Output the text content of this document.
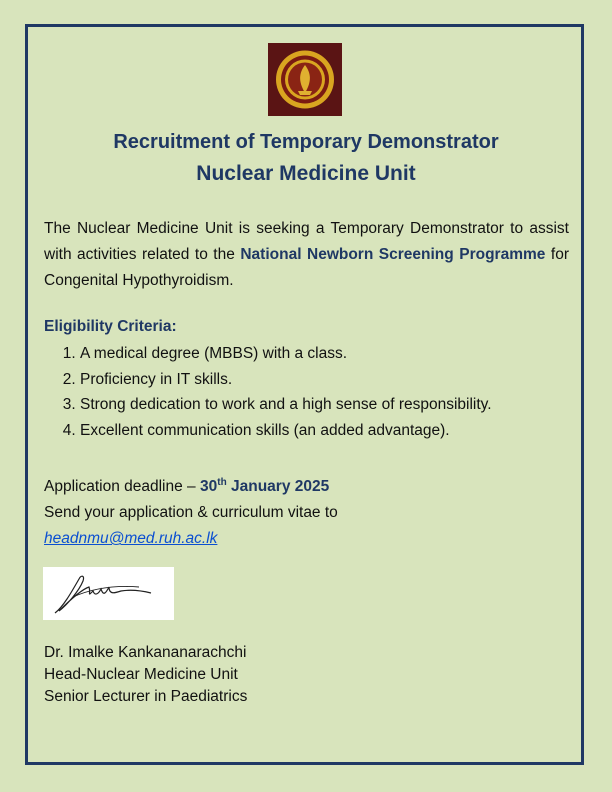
Recruitment of Temporary Demonstrator
Nuclear Medicine Unit

The Nuclear Medicine Unit is seeking a Temporary Demonstrator to assist with activities related to the National Newborn Screening Programme for Congenital Hypothyroidism.

Eligibility Criteria:
1. A medical degree (MBBS) with a class.
2. Proficiency in IT skills.
3. Strong dedication to work and a high sense of responsibility.
4. Excellent communication skills (an added advantage).
Application deadline – 30th January 2025
Send your application & curriculum vitae to
headnmu@med.ruh.ac.lk
Dr. Imalke Kankananarachchi
Head-Nuclear Medicine Unit
Senior Lecturer in Paediatrics
